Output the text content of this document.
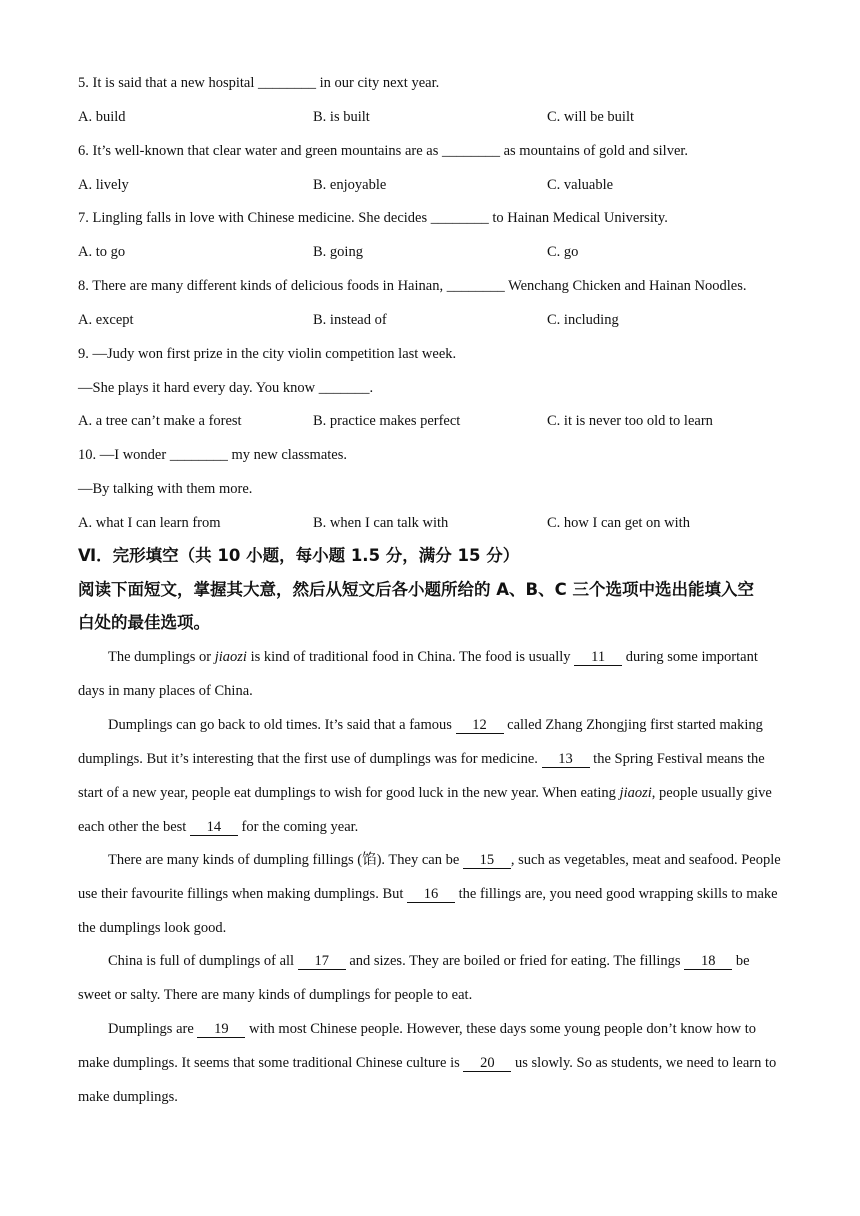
5. It is said that a new hospital ________ in our city next year.
A. build	B. is built	C. will be built
6. It’s well-known that clear water and green mountains are as ________ as mountains of gold and silver.
A. lively	B. enjoyable	C. valuable
7. Lingling falls in love with Chinese medicine. She decides ________ to Hainan Medical University.
A. to go	B. going	C. go
8. There are many different kinds of delicious foods in Hainan, ________ Wenchang Chicken and Hainan Noodles.
A. except	B. instead of	C. including
9. —Judy won first prize in the city violin competition last week.
—She plays it hard every day. You know _______.
A. a tree can’t make a forest	B. practice makes perfect	C. it is never too old to learn
10. —I wonder ________ my new classmates.
—By talking with them more.
A. what I can learn from	B. when I can talk with	C. how I can get on with
Ⅵ．完形填空（共 10 小题，每小题 1.5 分，满分 15 分）
阅读下面短文，掌握其大意，然后从短文后各小题所给的 A、B、C 三个选项中选出能填入空
白处的最佳选项。
The dumplings or jiaozi is kind of traditional food in China. The food is usually 11 during some important days in many places of China.
Dumplings can go back to old times. It’s said that a famous 12 called Zhang Zhongjing first started making dumplings. But it’s interesting that the first use of dumplings was for medicine. 13 the Spring Festival means the start of a new year, people eat dumplings to wish for good luck in the new year. When eating jiaozi, people usually give each other the best 14 for the coming year.
There are many kinds of dumpling fillings (馅). They can be 15 , such as vegetables, meat and seafood. People use their favourite fillings when making dumplings. But 16 the fillings are, you need good wrapping skills to make the dumplings look good.
China is full of dumplings of all 17 and sizes. They are boiled or fried for eating. The fillings 18 be sweet or salty. There are many kinds of dumplings for people to eat.
Dumplings are 19 with most Chinese people. However, these days some young people don’t know how to make dumplings. It seems that some traditional Chinese culture is 20 us slowly. So as students, we need to learn to make dumplings.
